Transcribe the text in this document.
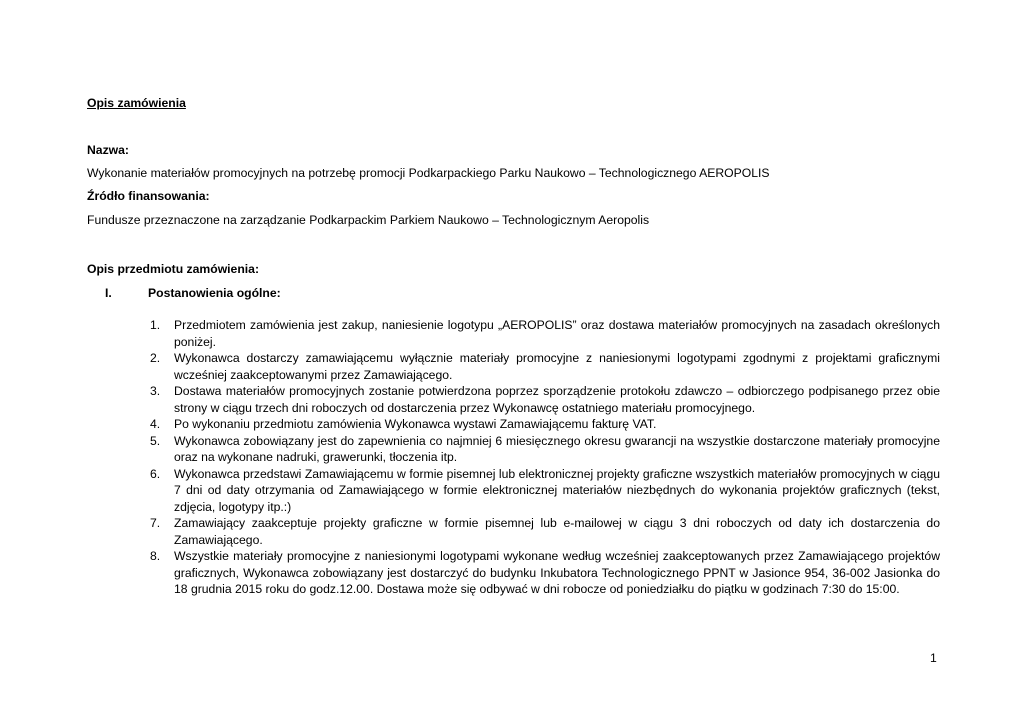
Opis zamówienia
Nazwa:
Wykonanie materiałów promocyjnych na potrzebę promocji Podkarpackiego Parku Naukowo – Technologicznego AEROPOLIS
Źródło finansowania:
Fundusze przeznaczone na zarządzanie Podkarpackim Parkiem Naukowo – Technologicznym Aeropolis
Opis przedmiotu zamówienia:
I.	Postanowienia ogólne:
1. Przedmiotem zamówienia jest zakup, naniesienie logotypu „AEROPOLIS” oraz dostawa materiałów promocyjnych na zasadach określonych poniżej.
2. Wykonawca dostarczy zamawiającemu wyłącznie materiały promocyjne z naniesionymi logotypami zgodnymi z projektami graficznymi wcześniej zaakceptowanymi przez Zamawiającego.
3. Dostawa materiałów promocyjnych zostanie potwierdzona poprzez sporządzenie protokołu zdawczo – odbiorczego podpisanego przez obie strony w ciągu trzech dni roboczych od dostarczenia przez Wykonawcę ostatniego materiału promocyjnego.
4. Po wykonaniu przedmiotu zamówienia Wykonawca wystawi Zamawiającemu fakturę VAT.
5. Wykonawca zobowiązany jest do zapewnienia co najmniej 6 miesięcznego okresu gwarancji na wszystkie dostarczone materiały promocyjne oraz na wykonane nadruki, grawerunki, tłoczenia itp.
6. Wykonawca przedstawi Zamawiającemu w formie pisemnej lub elektronicznej projekty graficzne wszystkich materiałów promocyjnych w ciągu 7 dni od daty otrzymania od Zamawiającego w formie elektronicznej materiałów niezbędnych do wykonania projektów graficznych (tekst, zdjęcia, logotypy itp.:)
7. Zamawiający zaakceptuje projekty graficzne w formie pisemnej lub e-mailowej w ciągu 3 dni roboczych od daty ich dostarczenia do Zamawiającego.
8. Wszystkie materiały promocyjne z naniesionymi logotypami wykonane według wcześniej zaakceptowanych przez Zamawiającego projektów graficznych, Wykonawca zobowiązany jest dostarczyć do budynku Inkubatora Technologicznego PPNT w Jasionce 954, 36-002 Jasionka do 18 grudnia 2015 roku do godz.12.00. Dostawa może się odbywać w dni robocze od poniedziałku do piątku w godzinach 7:30 do 15:00.
1
